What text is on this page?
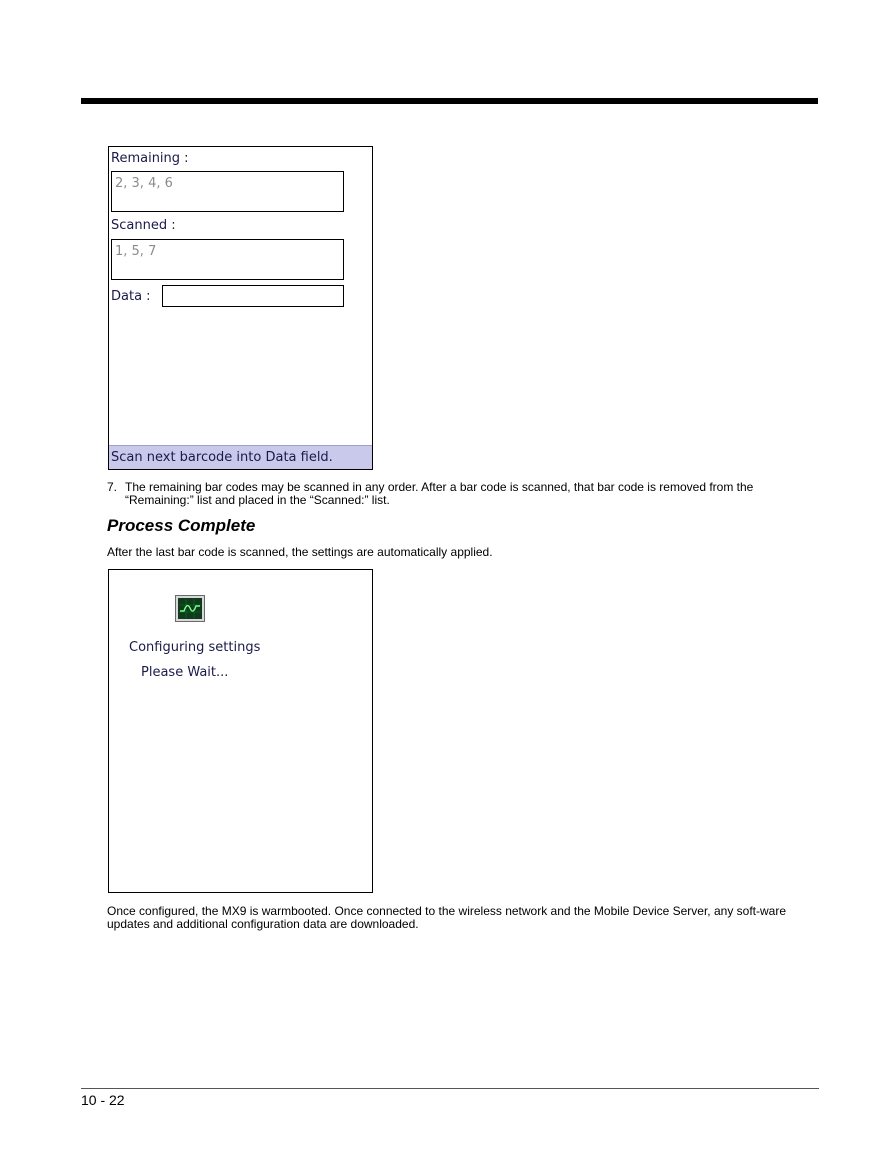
Remaining :
2, 3, 4, 6
Scanned :
1, 5, 7
Data :
Scan next barcode into Data field.
7. The remaining bar codes may be scanned in any order. After a bar code is scanned, that bar code is removed from the “Remaining:” list and placed in the “Scanned:” list.
Process Complete
After the last bar code is scanned, the settings are automatically applied.
Configuring settings
Please Wait...
Once configured, the MX9 is warmbooted. Once connected to the wireless network and the Mobile Device Server, any soft-ware updates and additional configuration data are downloaded.
10 - 22
